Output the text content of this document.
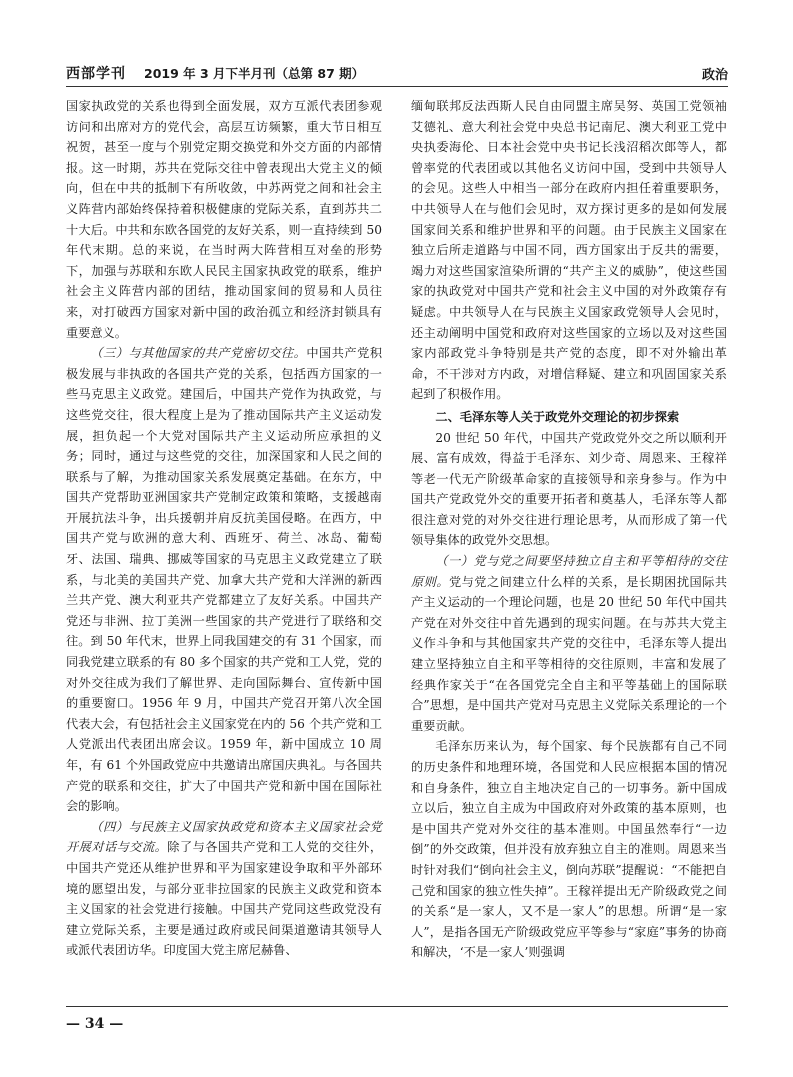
西部学刊 2019 年 3 月下半月刊（总第 87 期）	政治

国家执政党的关系也得到全面发展，双方互派代表团参观访问和出席对方的党代会，高层互访频繁，重大节日相互祝贺，甚至一度与个别党定期交换党和外交方面的内部情报。这一时期，苏共在党际交往中曾表现出大党主义的倾向，但在中共的抵制下有所收敛，中苏两党之间和社会主义阵营内部始终保持着积极健康的党际关系，直到苏共二十大后。中共和东欧各国党的友好关系，则一直持续到 50 年代末期。总的来说，在当时两大阵营相互对垒的形势下，加强与苏联和东欧人民民主国家执政党的联系，维护社会主义阵营内部的团结，推动国家间的贸易和人员往来，对打破西方国家对新中国的政治孤立和经济封锁具有重要意义。

（三）与其他国家的共产党密切交往。中国共产党积极发展与非执政的各国共产党的关系，包括西方国家的一些马克思主义政党。建国后，中国共产党作为执政党，与这些党交往，很大程度上是为了推动国际共产主义运动发展，担负起一个大党对国际共产主义运动所应承担的义务；同时，通过与这些党的交往，加深国家和人民之间的联系与了解，为推动国家关系发展奠定基础。在东方，中国共产党帮助亚洲国家共产党制定政策和策略，支援越南开展抗法斗争，出兵援朝并肩反抗美国侵略。在西方，中国共产党与欧洲的意大利、西班牙、荷兰、冰岛、葡萄牙、法国、瑞典、挪威等国家的马克思主义政党建立了联系，与北美的美国共产党、加拿大共产党和大洋洲的新西兰共产党、澳大利亚共产党都建立了友好关系。中国共产党还与非洲、拉丁美洲一些国家的共产党进行了联络和交往。到 50 年代末，世界上同我国建交的有 31 个国家，而同我党建立联系的有 80 多个国家的共产党和工人党，党的对外交往成为我们了解世界、走向国际舞台、宣传新中国的重要窗口。1956 年 9 月，中国共产党召开第八次全国代表大会，有包括社会主义国家党在内的 56 个共产党和工人党派出代表团出席会议。1959 年，新中国成立 10 周年，有 61 个外国政党应中共邀请出席国庆典礼。与各国共产党的联系和交往，扩大了中国共产党和新中国在国际社会的影响。

（四）与民族主义国家执政党和资本主义国家社会党开展对话与交流。除了与各国共产党和工人党的交往外，中国共产党还从维护世界和平为国家建设争取和平外部环境的愿望出发，与部分亚非拉国家的民族主义政党和资本主义国家的社会党进行接触。中国共产党同这些政党没有建立党际关系，主要是通过政府或民间渠道邀请其领导人或派代表团访华。印度国大党主席尼赫鲁、

缅甸联邦反法西斯人民自由同盟主席吴努、英国工党领袖艾德礼、意大利社会党中央总书记南尼、澳大利亚工党中央执委海伦、日本社会党中央书记长浅沼稻次郎等人，都曾率党的代表团或以其他名义访问中国，受到中共领导人的会见。这些人中相当一部分在政府内担任着重要职务，中共领导人在与他们会见时，双方探讨更多的是如何发展国家间关系和维护世界和平的问题。由于民族主义国家在独立后所走道路与中国不同，西方国家出于反共的需要，竭力对这些国家渲染所谓的“共产主义的威胁”，使这些国家的执政党对中国共产党和社会主义中国的对外政策存有疑虑。中共领导人在与民族主义国家政党领导人会见时，还主动阐明中国党和政府对这些国家的立场以及对这些国家内部政党斗争特别是共产党的态度，即不对外输出革命，不干涉对方内政，对增信释疑、建立和巩固国家关系起到了积极作用。

二、毛泽东等人关于政党外交理论的初步探索

20 世纪 50 年代，中国共产党政党外交之所以顺利开展、富有成效，得益于毛泽东、刘少奇、周恩来、王稼祥等老一代无产阶级革命家的直接领导和亲身参与。作为中国共产党政党外交的重要开拓者和奠基人，毛泽东等人都很注意对党的对外交往进行理论思考，从而形成了第一代领导集体的政党外交思想。

（一）党与党之间要坚持独立自主和平等相待的交往原则。党与党之间建立什么样的关系，是长期困扰国际共产主义运动的一个理论问题，也是 20 世纪 50 年代中国共产党在对外交往中首先遇到的现实问题。在与苏共大党主义作斗争和与其他国家共产党的交往中，毛泽东等人提出建立坚持独立自主和平等相待的交往原则，丰富和发展了经典作家关于“在各国党完全自主和平等基础上的国际联合”思想，是中国共产党对马克思主义党际关系理论的一个重要贡献。

毛泽东历来认为，每个国家、每个民族都有自己不同的历史条件和地理环境，各国党和人民应根据本国的情况和自身条件，独立自主地决定自己的一切事务。新中国成立以后，独立自主成为中国政府对外政策的基本原则，也是中国共产党对外交往的基本准则。中国虽然奉行“一边倒”的外交政策，但并没有放弃独立自主的准则。周恩来当时针对我们“倒向社会主义，倒向苏联”提醒说：“不能把自己党和国家的独立性失掉”。王稼祥提出无产阶级政党之间的关系“是一家人，又不是一家人”的思想。所谓“是一家人”，是指各国无产阶级政党应平等参与“家庭”事务的协商和解决，‘不是一家人’则强调

— 34 —
